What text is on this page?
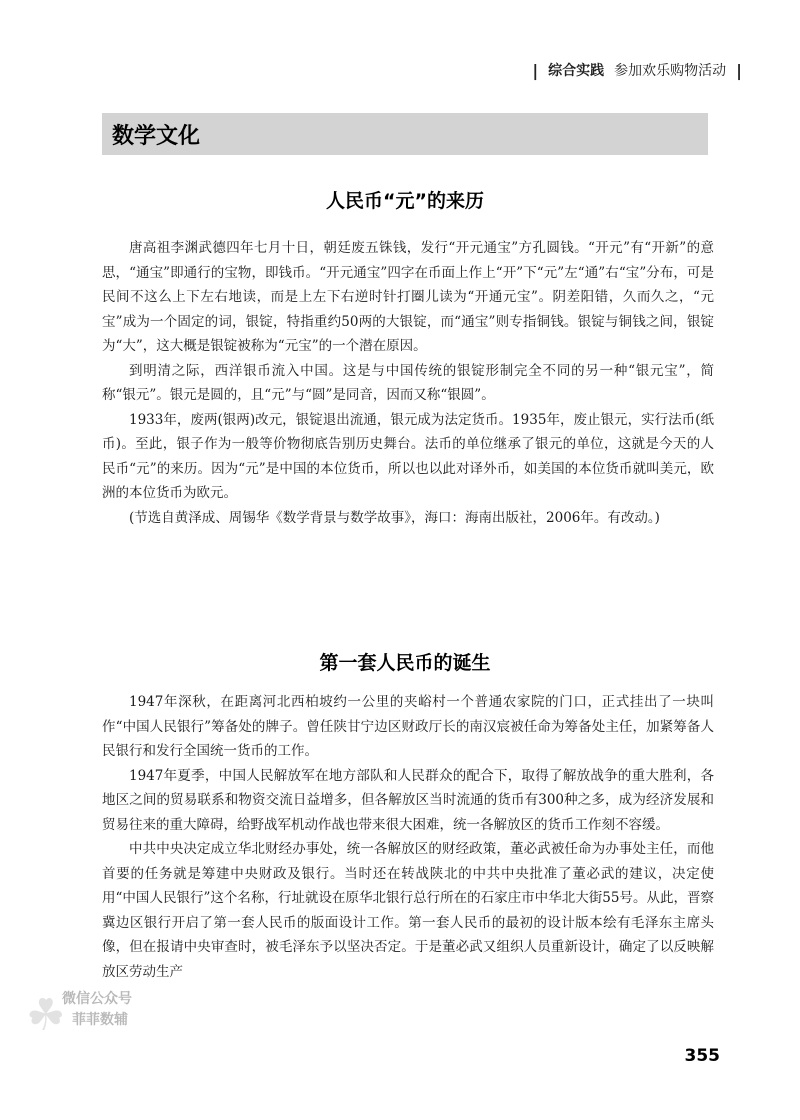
| 综合实践 参加欢乐购物活动 |
数学文化
人民币“元”的来历

唐高祖李渊武德四年七月十日，朝廷废五铢钱，发行“开元通宝”方孔圆钱。“开元”有“开新”的意思，“通宝”即通行的宝物，即钱币。“开元通宝”四字在币面上作上“开”下“元”左“通”右“宝”分布，可是民间不这么上下左右地读，而是上左下右逆时针打圈儿读为“开通元宝”。阴差阳错，久而久之，“元宝”成为一个固定的词，银锭，特指重约50两的大银锭，而“通宝”则专指铜钱。银锭与铜钱之间，银锭为“大”，这大概是银锭被称为“元宝”的一个潜在原因。

到明清之际，西洋银币流入中国。这是与中国传统的银锭形制完全不同的另一种“银元宝”，简称“银元”。银元是圆的，且“元”与“圆”是同音，因而又称“银圆”。

1933年，废两(银两)改元，银锭退出流通，银元成为法定货币。1935年，废止银元，实行法币(纸币)。至此，银子作为一般等价物彻底告别历史舞台。法币的单位继承了银元的单位，这就是今天的人民币“元”的来历。因为“元”是中国的本位货币，所以也以此对译外币，如美国的本位货币就叫美元，欧洲的本位货币为欧元。

(节选自黄泽成、周锡华《数学背景与数学故事》，海口：海南出版社，2006年。有改动。)

第一套人民币的诞生

1947年深秋，在距离河北西柏坡约一公里的夹峪村一个普通农家院的门口，正式挂出了一块叫作“中国人民银行”筹备处的牌子。曾任陕甘宁边区财政厅长的南汉宸被任命为筹备处主任，加紧筹备人民银行和发行全国统一货币的工作。

1947年夏季，中国人民解放军在地方部队和人民群众的配合下，取得了解放战争的重大胜利，各地区之间的贸易联系和物资交流日益增多，但各解放区当时流通的货币有300种之多，成为经济发展和贸易往来的重大障碍，给野战军机动作战也带来很大困难，统一各解放区的货币工作刻不容缓。

中共中央决定成立华北财经办事处，统一各解放区的财经政策，董必武被任命为办事处主任，而他首要的任务就是筹建中央财政及银行。当时还在转战陕北的中共中央批准了董必武的建议，决定使用“中国人民银行”这个名称，行址就设在原华北银行总行所在的石家庄市中华北大街55号。从此，晋察冀边区银行开启了第一套人民币的版面设计工作。第一套人民币的最初的设计版本绘有毛泽东主席头像，但在报请中央审查时，被毛泽东予以坚决否定。于是董必武又组织人员重新设计，确定了以反映解放区劳动生产

☘
微信公众号
菲菲数辅
355
